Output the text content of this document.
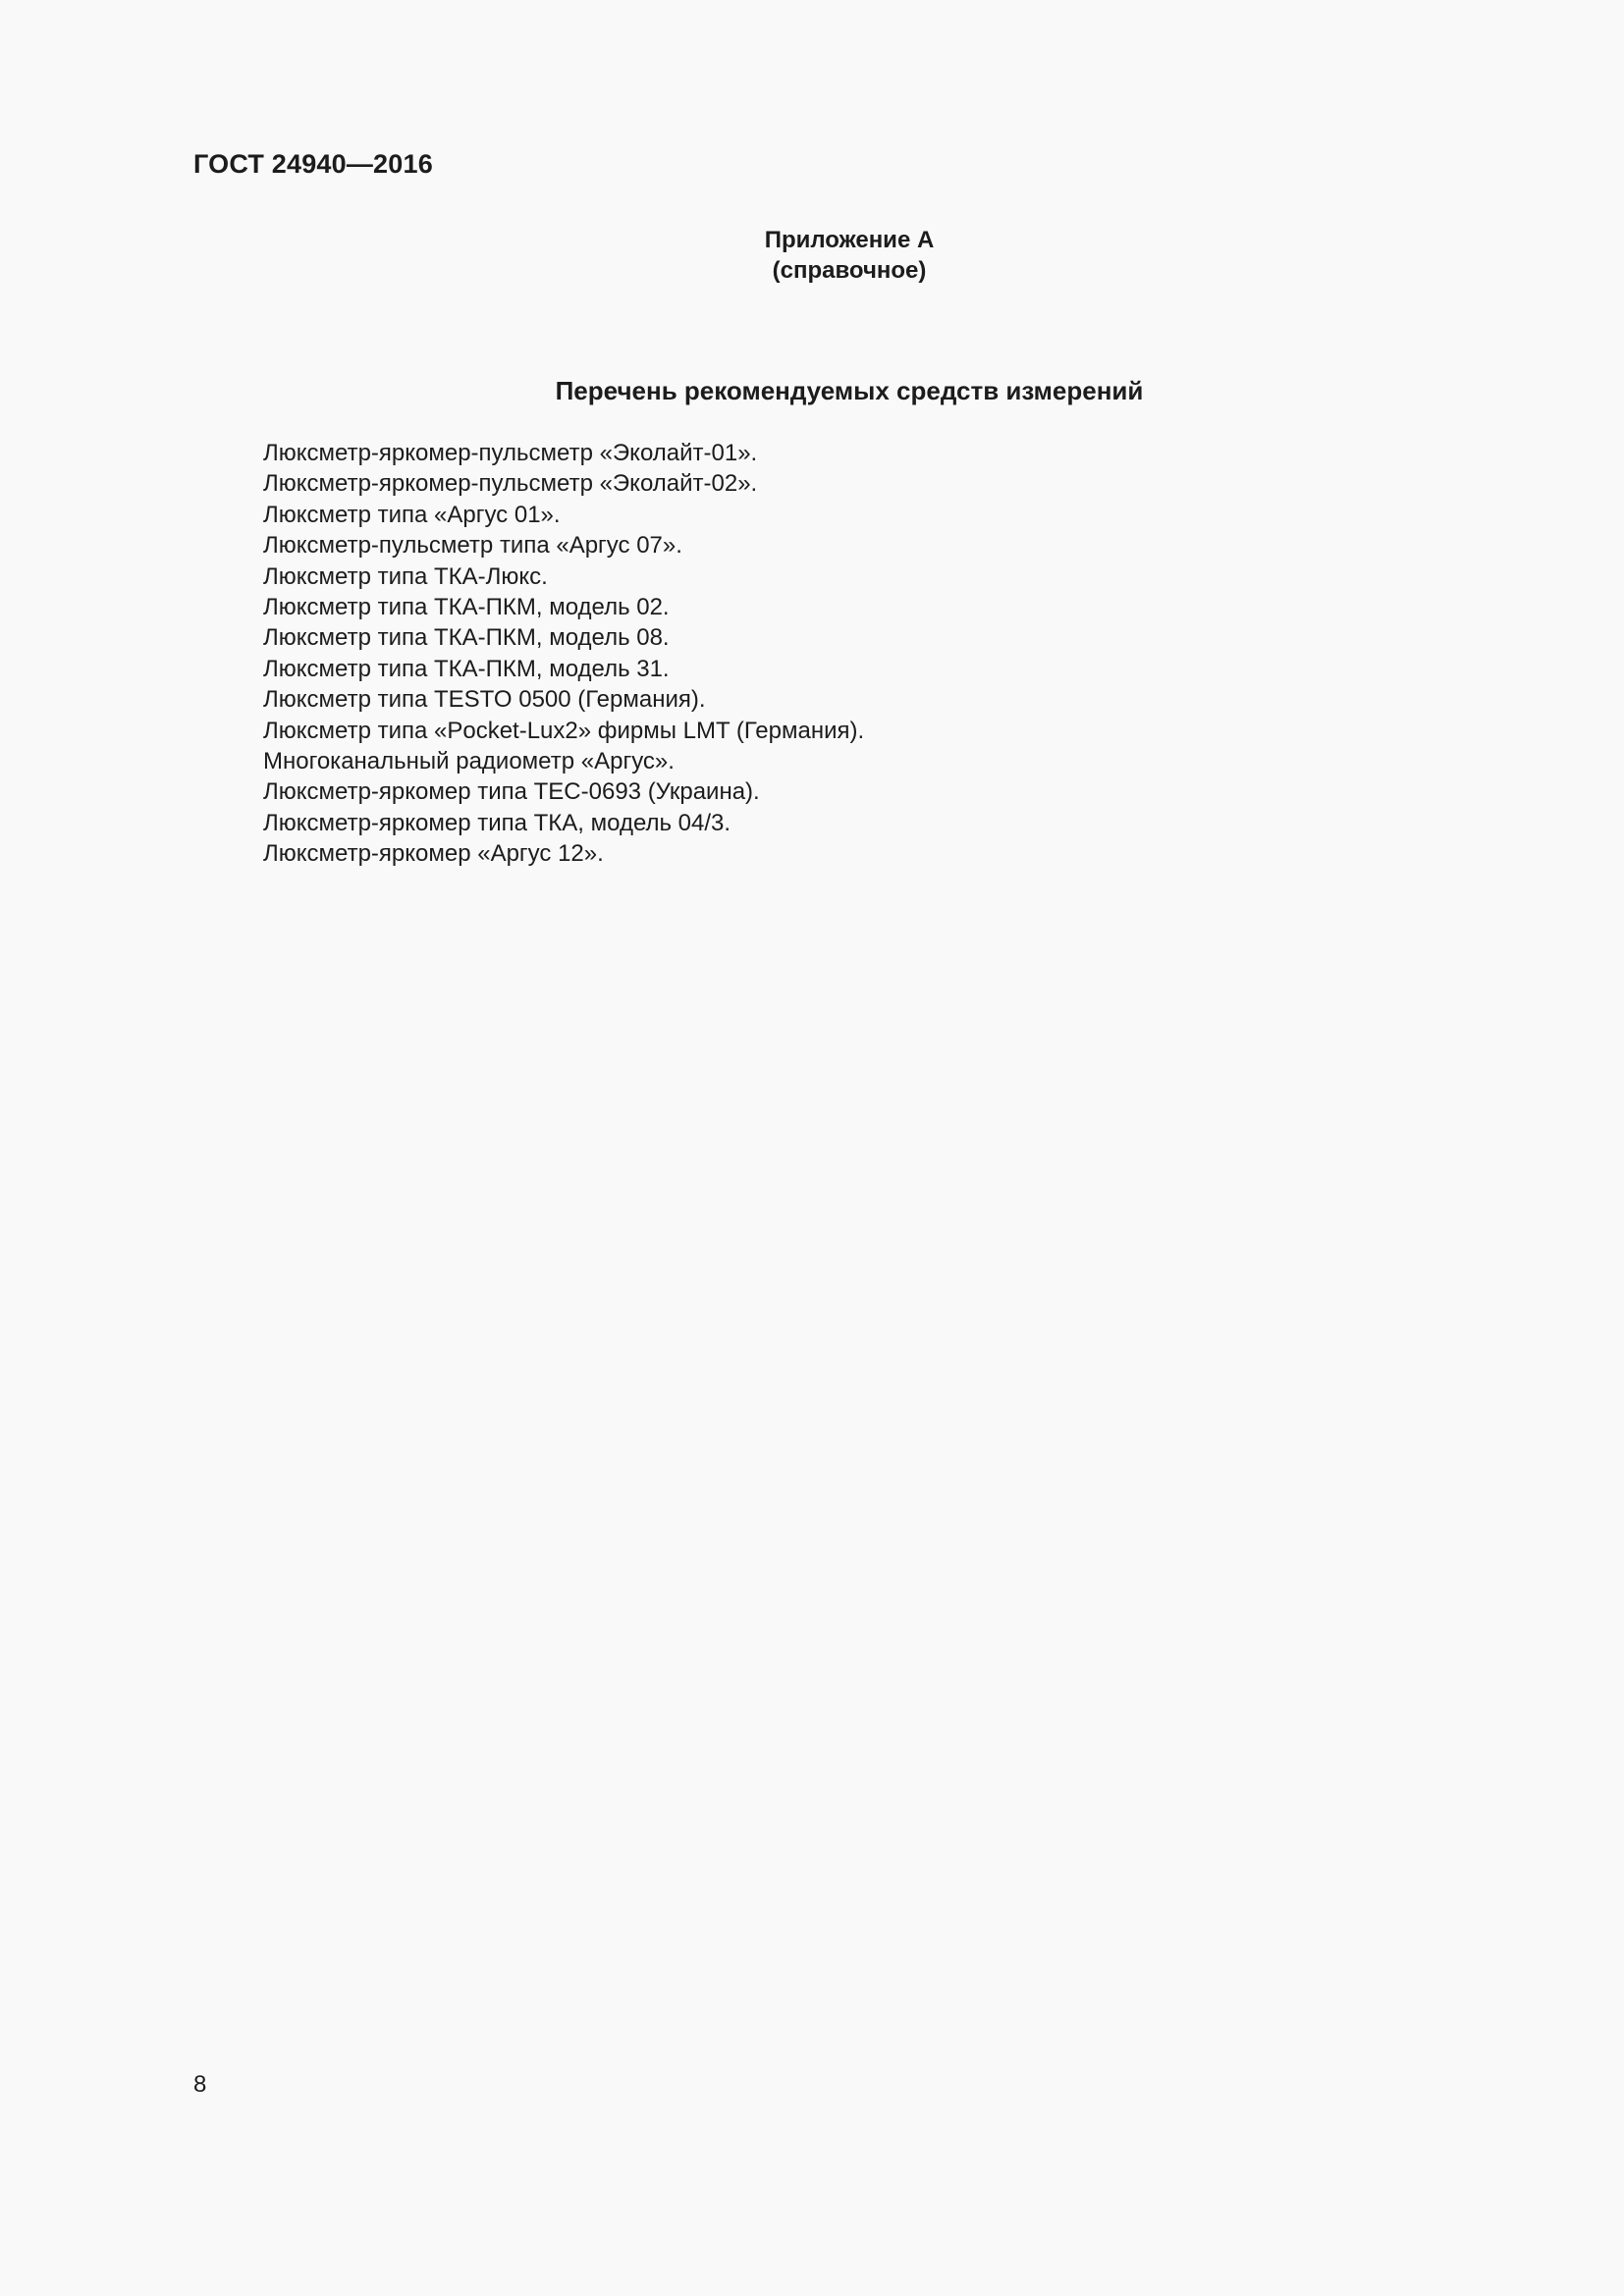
ГОСТ 24940—2016
Приложение А
(справочное)
Перечень рекомендуемых средств измерений
Люксметр-яркомер-пульсметр «Эколайт-01».
Люксметр-яркомер-пульсметр «Эколайт-02».
Люксметр типа «Аргус 01».
Люксметр-пульсметр типа «Аргус 07».
Люксметр типа ТКА-Люкс.
Люксметр типа ТКА-ПКМ, модель 02.
Люксметр типа ТКА-ПКМ, модель 08.
Люксметр типа ТКА-ПКМ, модель 31.
Люксметр типа TESTO 0500 (Германия).
Люксметр типа «Pocket-Lux2» фирмы LMT (Германия).
Многоканальный радиометр «Аргус».
Люксметр-яркомер типа ТЕС-0693 (Украина).
Люксметр-яркомер типа ТКА, модель 04/3.
Люксметр-яркомер «Аргус 12».
8
